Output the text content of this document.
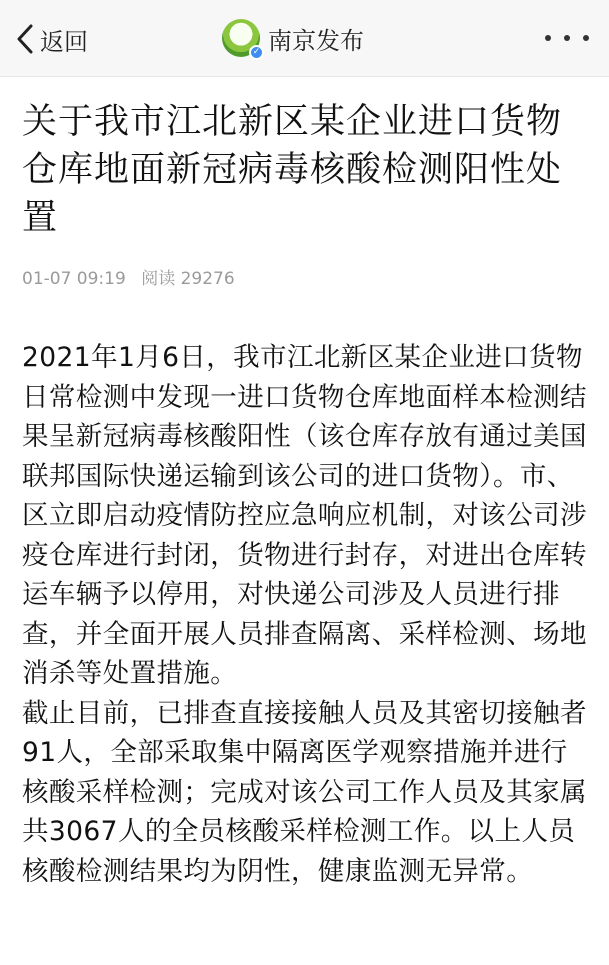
返回	✓ 南京发布
关于我市江北新区某企业进口货物仓库地面新冠病毒核酸检测阳性处置
01-07 09:19 阅读 29276

2021年1月6日，我市江北新区某企业进口货物日常检测中发现一进口货物仓库地面样本检测结果呈新冠病毒核酸阳性（该仓库存放有通过美国联邦国际快递运输到该公司的进口货物）。市、区立即启动疫情防控应急响应机制，对该公司涉疫仓库进行封闭，货物进行封存，对进出仓库转运车辆予以停用，对快递公司涉及人员进行排查，并全面开展人员排查隔离、采样检测、场地消杀等处置措施。

截止目前，已排查直接接触人员及其密切接触者91人，全部采取集中隔离医学观察措施并进行核酸采样检测；完成对该公司工作人员及其家属共3067人的全员核酸采样检测工作。以上人员核酸检测结果均为阴性，健康监测无异常。
